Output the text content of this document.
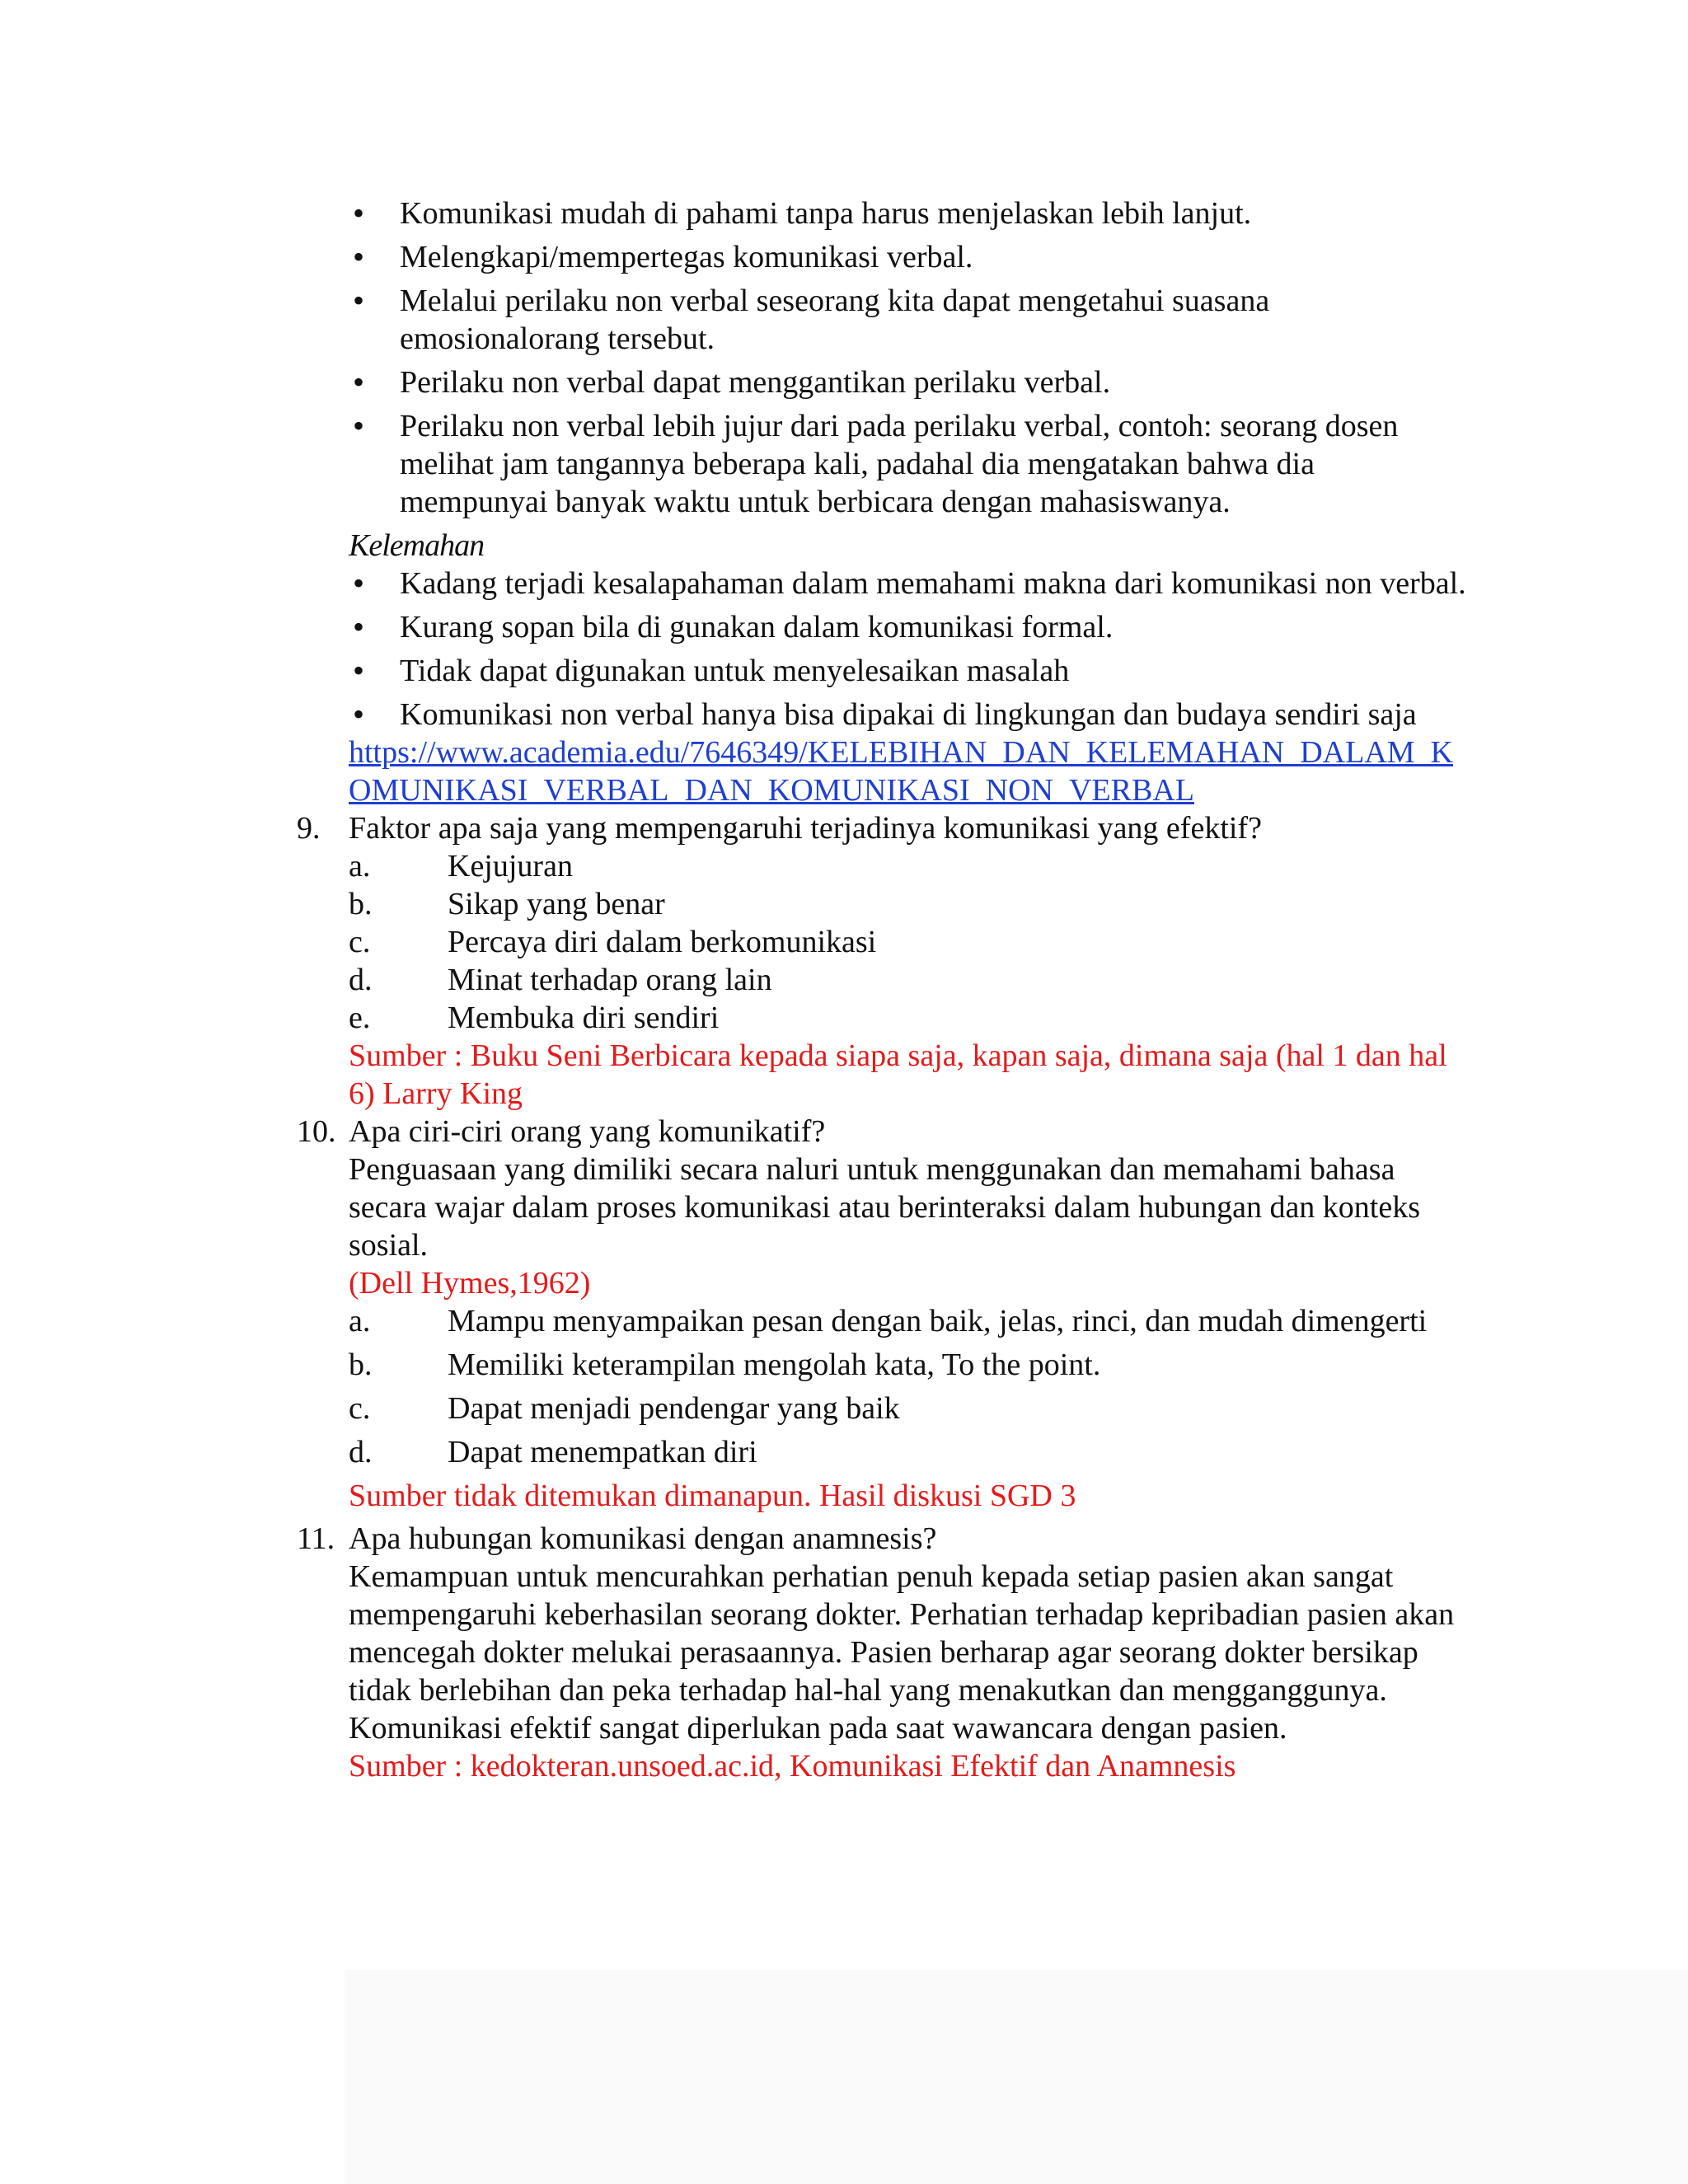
• Komunikasi mudah di pahami tanpa harus menjelaskan lebih lanjut.
• Melengkapi/mempertegas komunikasi verbal.
• Melalui perilaku non verbal seseorang kita dapat mengetahui suasana emosionalorang tersebut.
• Perilaku non verbal dapat menggantikan perilaku verbal.
• Perilaku non verbal lebih jujur dari pada perilaku verbal, contoh: seorang dosen melihat jam tangannya beberapa kali, padahal dia mengatakan bahwa dia mempunyai banyak waktu untuk berbicara dengan mahasiswanya.

Kelemahan

• Kadang terjadi kesalapahaman dalam memahami makna dari komunikasi non verbal.
• Kurang sopan bila di gunakan dalam komunikasi formal.
• Tidak dapat digunakan untuk menyelesaikan masalah
• Komunikasi non verbal hanya bisa dipakai di lingkungan dan budaya sendiri saja
https://www.academia.edu/7646349/KELEBIHAN_DAN_KELEMAHAN_DALAM_KOMUNIKASI_VERBAL_DAN_KOMUNIKASI_NON_VERBAL
9. Faktor apa saja yang mempengaruhi terjadinya komunikasi yang efektif?
a. Kejujuran
b. Sikap yang benar
c. Percaya diri dalam berkomunikasi
d. Minat terhadap orang lain
e. Membuka diri sendiri

Sumber : Buku Seni Berbicara kepada siapa saja, kapan saja, dimana saja (hal 1 dan hal 6) Larry King

10. Apa ciri-ciri orang yang komunikatif?

Penguasaan yang dimiliki secara naluri untuk menggunakan dan memahami bahasa secara wajar dalam proses komunikasi atau berinteraksi dalam hubungan dan konteks sosial.

(Dell Hymes,1962)

a. Mampu menyampaikan pesan dengan baik, jelas, rinci, dan mudah dimengerti
b. Memiliki keterampilan mengolah kata, To the point.
c. Dapat menjadi pendengar yang baik
d. Dapat menempatkan diri

Sumber tidak ditemukan dimanapun. Hasil diskusi SGD 3

11. Apa hubungan komunikasi dengan anamnesis?

Kemampuan untuk mencurahkan perhatian penuh kepada setiap pasien akan sangat mempengaruhi keberhasilan seorang dokter. Perhatian terhadap kepribadian pasien akan mencegah dokter melukai perasaannya. Pasien berharap agar seorang dokter bersikap tidak berlebihan dan peka terhadap hal-hal yang menakutkan dan mengganggunya. Komunikasi efektif sangat diperlukan pada saat wawancara dengan pasien.

Sumber : kedokteran.unsoed.ac.id, Komunikasi Efektif dan Anamnesis
